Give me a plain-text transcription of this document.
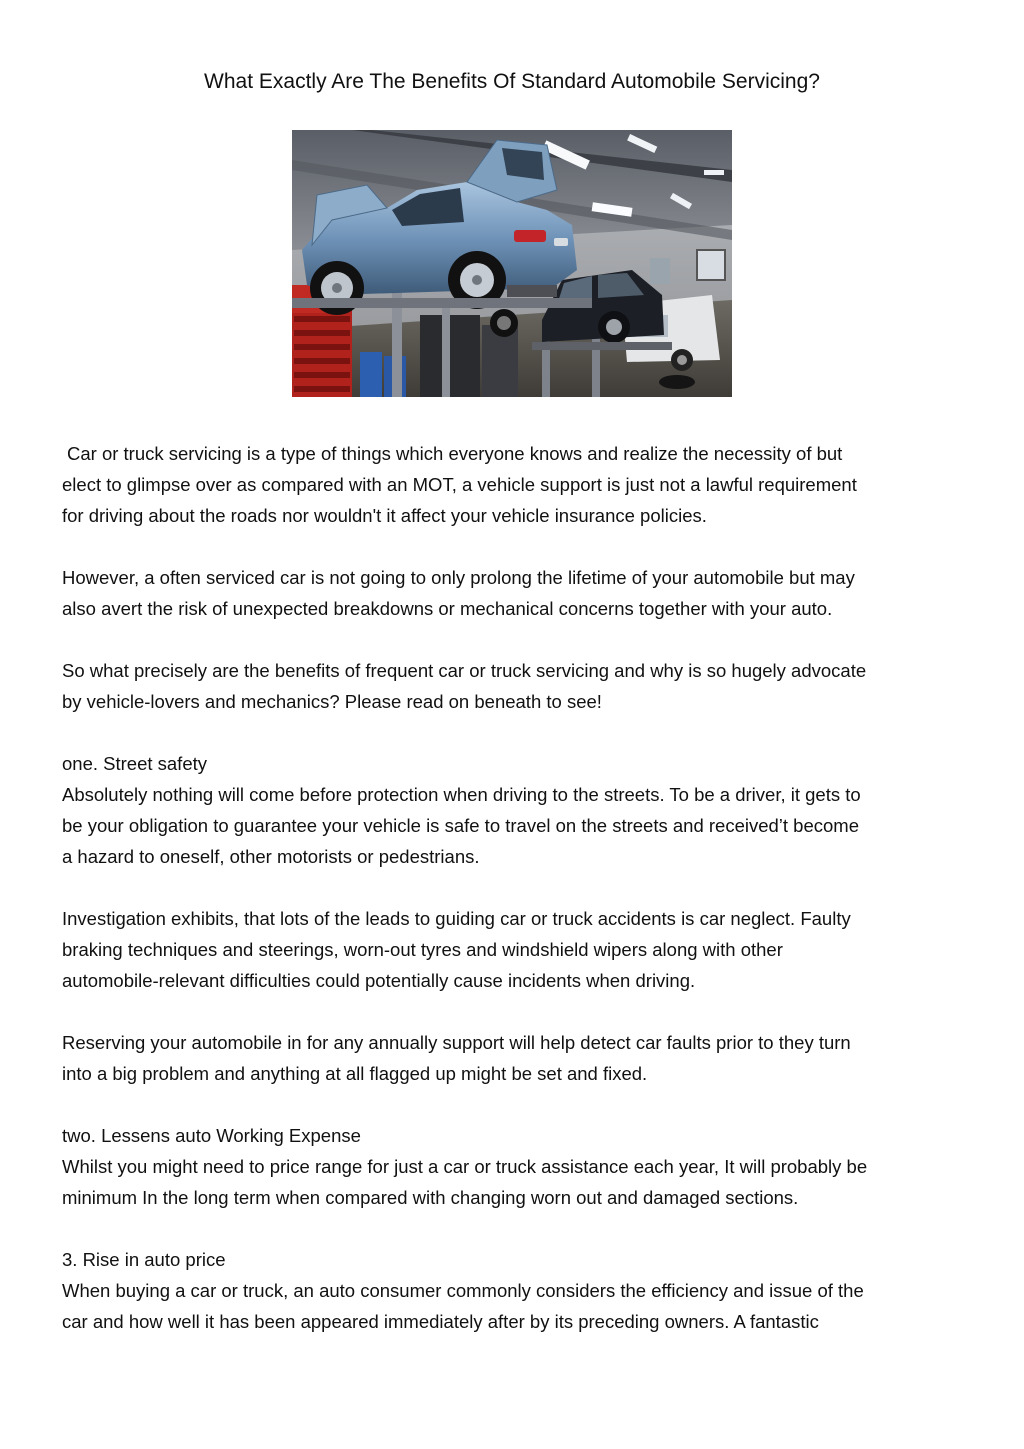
What Exactly Are The Benefits Of Standard Automobile Servicing?

Car or truck servicing is a type of things which everyone knows and realize the necessity of but
elect to glimpse over as compared with an MOT, a vehicle support is just not a lawful requirement
for driving about the roads nor wouldn't it affect your vehicle insurance policies.

However, a often serviced car is not going to only prolong the lifetime of your automobile but may
also avert the risk of unexpected breakdowns or mechanical concerns together with your auto.

So what precisely are the benefits of frequent car or truck servicing and why is so hugely advocate
by vehicle-lovers and mechanics? Please read on beneath to see!

one. Street safety
Absolutely nothing will come before protection when driving to the streets. To be a driver, it gets to
be your obligation to guarantee your vehicle is safe to travel on the streets and received’t become
a hazard to oneself, other motorists or pedestrians.

Investigation exhibits, that lots of the leads to guiding car or truck accidents is car neglect. Faulty
braking techniques and steerings, worn-out tyres and windshield wipers along with other
automobile-relevant difficulties could potentially cause incidents when driving.

Reserving your automobile in for any annually support will help detect car faults prior to they turn
into a big problem and anything at all flagged up might be set and fixed.

two. Lessens auto Working Expense
Whilst you might need to price range for just a car or truck assistance each year, It will probably be
minimum In the long term when compared with changing worn out and damaged sections.

3. Rise in auto price
When buying a car or truck, an auto consumer commonly considers the efficiency and issue of the
car and how well it has been appeared immediately after by its preceding owners. A fantastic
